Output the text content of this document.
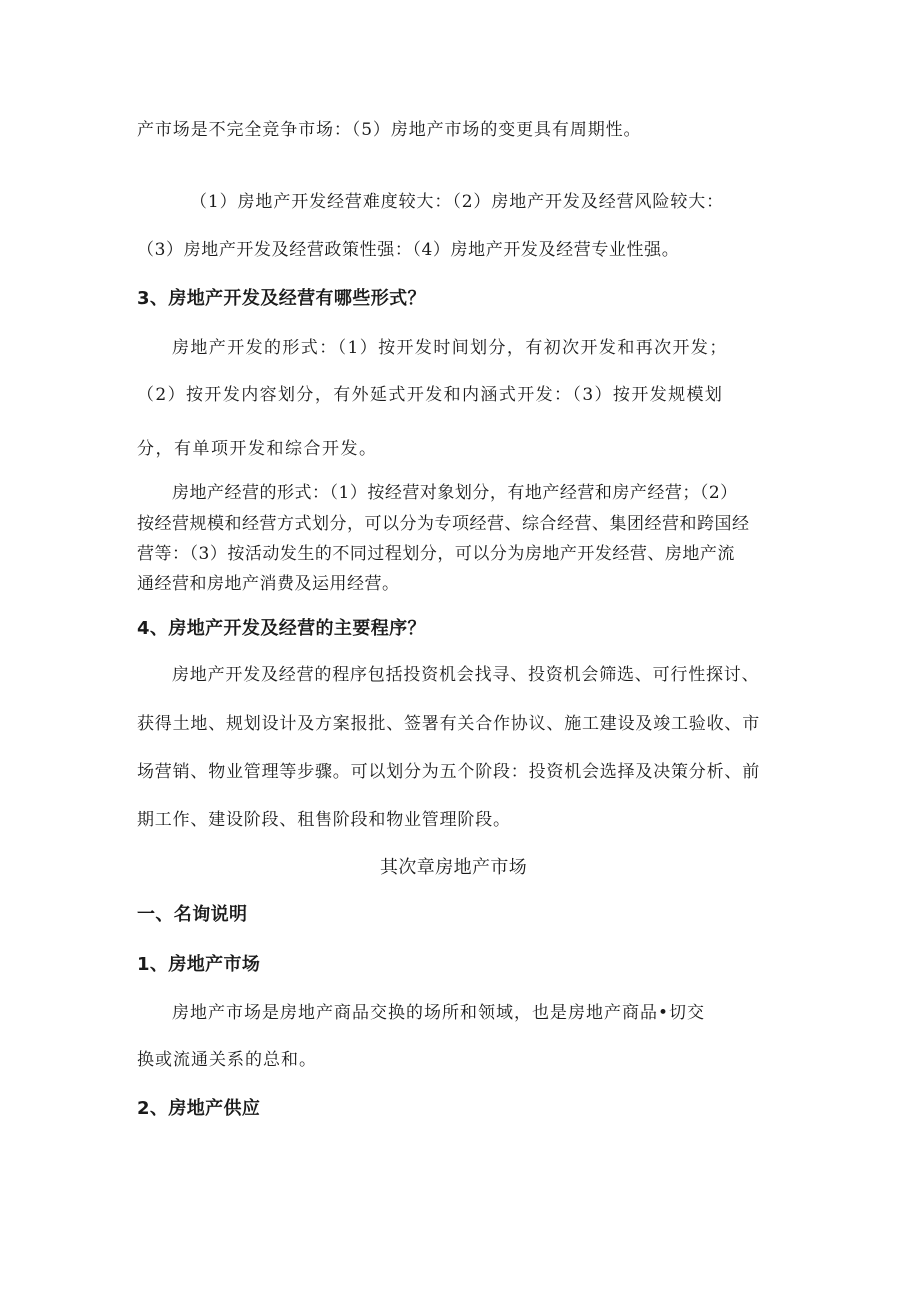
产市场是不完全竞争市场：（5）房地产市场的变更具有周期性。
（1）房地产开发经营难度较大：（2）房地产开发及经营风险较大：
（3）房地产开发及经营政策性强：（4）房地产开发及经营专业性强。
3、房地产开发及经营有哪些形式？
房地产开发的形式：（1）按开发时间划分，有初次开发和再次开发；
（2）按开发内容划分，有外延式开发和内涵式开发：（3）按开发规模划
分，有单项开发和综合开发。
房地产经营的形式：（1）按经营对象划分，有地产经营和房产经营；（2）
按经营规模和经营方式划分，可以分为专项经营、综合经营、集团经营和跨国经
营等：（3）按活动发生的不同过程划分，可以分为房地产开发经营、房地产流
通经营和房地产消费及运用经营。
4、房地产开发及经营的主要程序？
房地产开发及经营的程序包括投资机会找寻、投资机会筛选、可行性探讨、
获得土地、规划设计及方案报批、签署有关合作协议、施工建设及竣工验收、市
场营销、物业管理等步骤。可以划分为五个阶段：投资机会选择及决策分析、前
期工作、建设阶段、租售阶段和物业管理阶段。
其次章房地产市场
一、名询说明
1、房地产市场
房地产市场是房地产商品交换的场所和领域，也是房地产商品•切交
换或流通关系的总和。
2、房地产供应
